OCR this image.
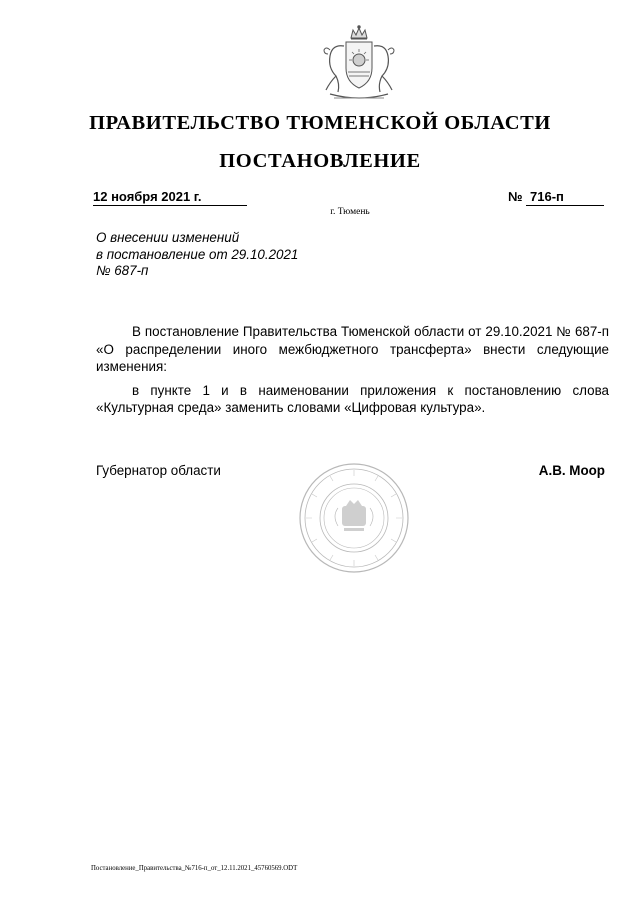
ПРАВИТЕЛЬСТВО ТЮМЕНСКОЙ ОБЛАСТИ
ПОСТАНОВЛЕНИЕ
12 ноября 2021 г.	№ 716-п
г. Тюмень
О внесении изменений
в постановление от 29.10.2021
№ 687-п

В постановление Правительства Тюменской области от 29.10.2021 № 687-п «О распределении иного межбюджетного трансферта» внести следующие изменения:

в пункте 1 и в наименовании приложения к постановлению слова «Культурная среда» заменить словами «Цифровая культура».

Губернатор области	А.В. Моор
Постановление_Правительства_№716-п_от_12.11.2021_45760569.ODT
